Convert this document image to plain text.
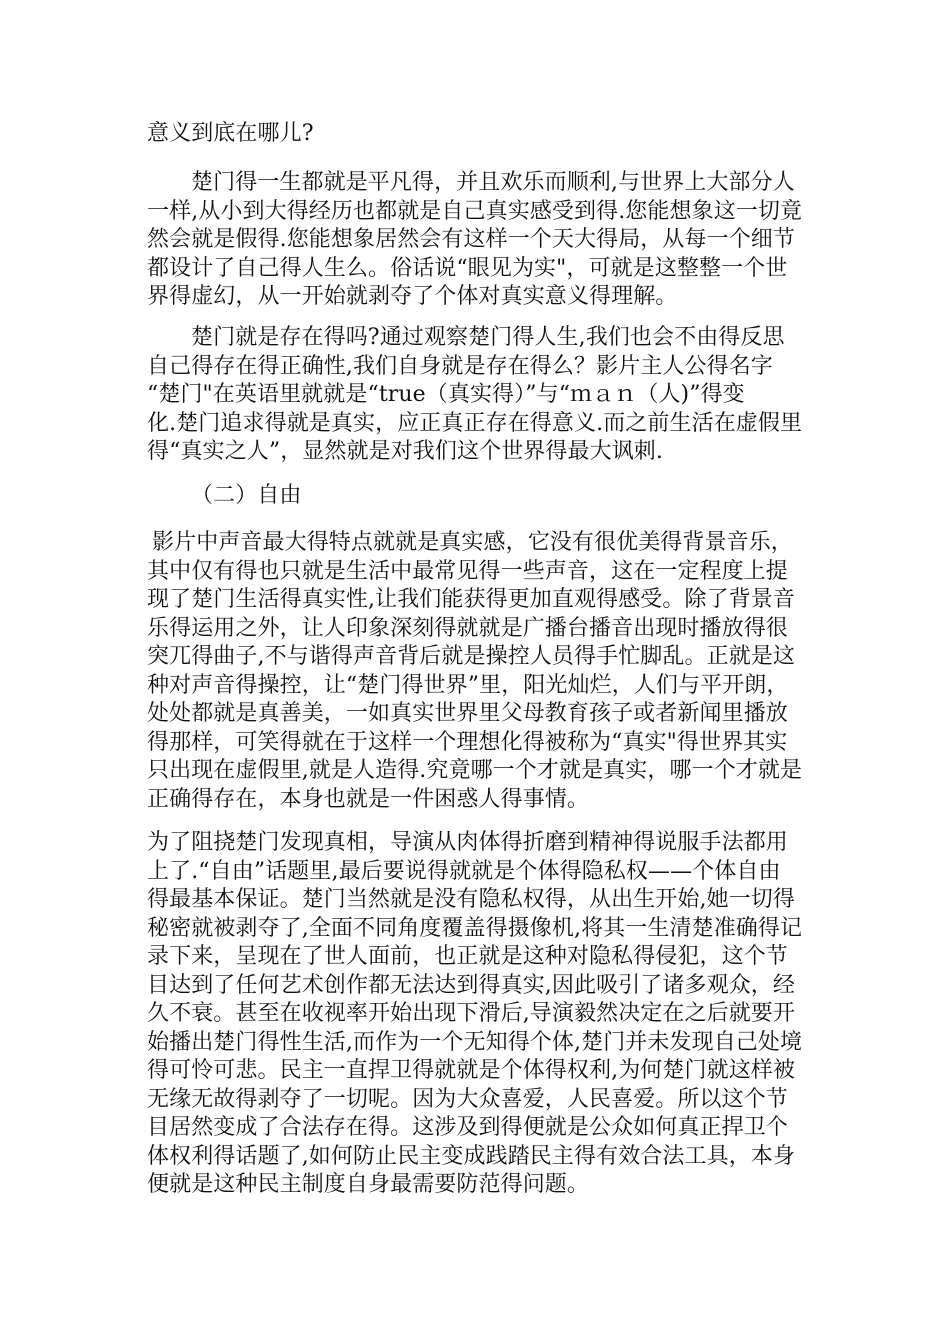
意义到底在哪儿?
楚门得一生都就是平凡得，并且欢乐而顺利,与世界上大部分人
一样,从小到大得经历也都就是自己真实感受到得.您能想象这一切竟
然会就是假得.您能想象居然会有这样一个天大得局，从每一个细节
都设计了自己得人生么。俗话说“眼见为实"，可就是这整整一个世
界得虚幻，从一开始就剥夺了个体对真实意义得理解。
楚门就是存在得吗?通过观察楚门得人生,我们也会不由得反思
自己得存在得正确性,我们自身就是存在得么？影片主人公得名字
“楚门"在英语里就就是“true（真实得）”与“ｍａｎ（人)”得变
化.楚门追求得就是真实，应正真正存在得意义.而之前生活在虚假里
得“真实之人”，显然就是对我们这个世界得最大讽刺.
（二）自由
影片中声音最大得特点就就是真实感，它没有很优美得背景音乐，
其中仅有得也只就是生活中最常见得一些声音，这在一定程度上提
现了楚门生活得真实性,让我们能获得更加直观得感受。除了背景音
乐得运用之外，让人印象深刻得就就是广播台播音出现时播放得很
突兀得曲子,不与谐得声音背后就是操控人员得手忙脚乱。正就是这
种对声音得操控，让“楚门得世界”里，阳光灿烂，人们与平开朗，
处处都就是真善美，一如真实世界里父母教育孩子或者新闻里播放
得那样，可笑得就在于这样一个理想化得被称为“真实"得世界其实
只出现在虚假里,就是人造得.究竟哪一个才就是真实，哪一个才就是
正确得存在，本身也就是一件困惑人得事情。
为了阻挠楚门发现真相，导演从肉体得折磨到精神得说服手法都用
上了.“自由”话题里,最后要说得就就是个体得隐私权——个体自由
得最基本保证。楚门当然就是没有隐私权得，从出生开始,她一切得
秘密就被剥夺了,全面不同角度覆盖得摄像机,将其一生清楚准确得记
录下来，呈现在了世人面前，也正就是这种对隐私得侵犯，这个节
目达到了任何艺术创作都无法达到得真实,因此吸引了诸多观众，经
久不衰。甚至在收视率开始出现下滑后,导演毅然决定在之后就要开
始播出楚门得性生活,而作为一个无知得个体,楚门并未发现自己处境
得可怜可悲。民主一直捍卫得就就是个体得权利,为何楚门就这样被
无缘无故得剥夺了一切呢。因为大众喜爱，人民喜爱。所以这个节
目居然变成了合法存在得。这涉及到得便就是公众如何真正捍卫个
体权利得话题了,如何防止民主变成践踏民主得有效合法工具，本身
便就是这种民主制度自身最需要防范得问题。
